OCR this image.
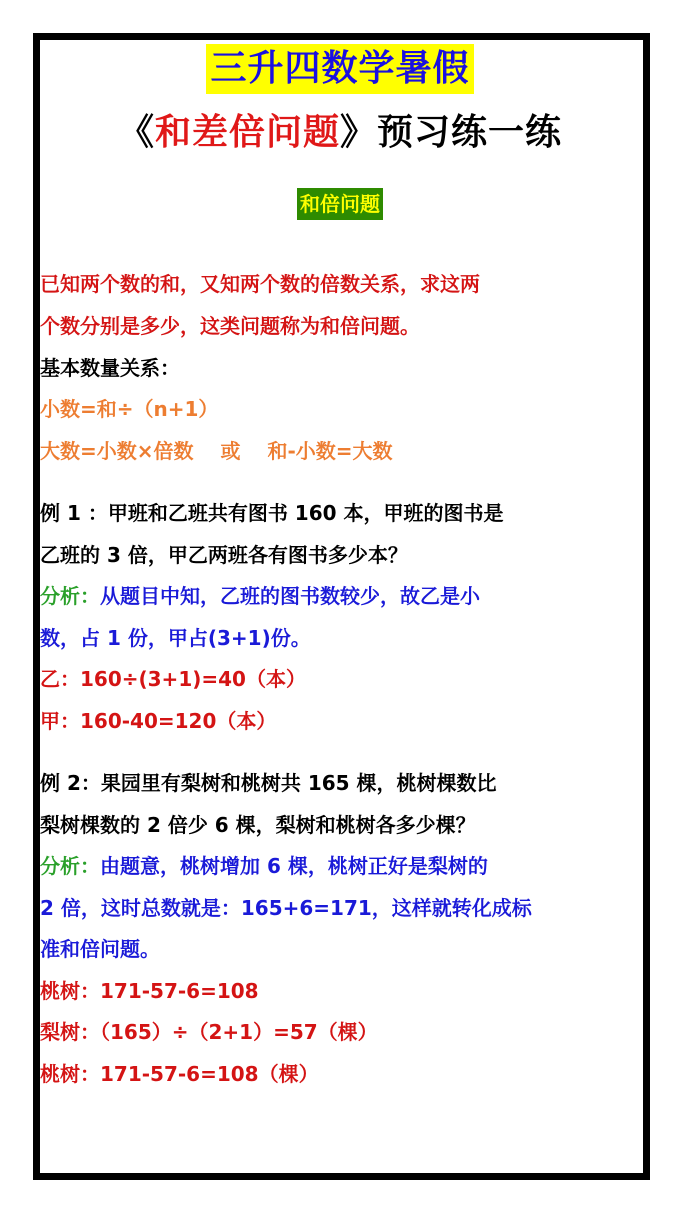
三升四数学暑假
《和差倍问题》预习练一练
和倍问题
已知两个数的和，又知两个数的倍数关系，求这两
个数分别是多少，这类问题称为和倍问题。
基本数量关系：
小数=和÷（n+1）
大数=小数×倍数　 或　 和-小数=大数
例 1 ：甲班和乙班共有图书 160 本，甲班的图书是
乙班的 3 倍，甲乙两班各有图书多少本？
分析：从题目中知，乙班的图书数较少，故乙是小
数，占 1 份，甲占(3+1)份。
乙：160÷(3+1)=40（本）
甲：160-40=120（本）
例 2：果园里有梨树和桃树共 165 棵，桃树棵数比
梨树棵数的 2 倍少 6 棵，梨树和桃树各多少棵？
分析：由题意，桃树增加 6 棵，桃树正好是梨树的
2 倍，这时总数就是：165+6=171，这样就转化成标
准和倍问题。
桃树：171-57-6=108
梨树：（165）÷（2+1）=57（棵）
桃树：171-57-6=108（棵）
